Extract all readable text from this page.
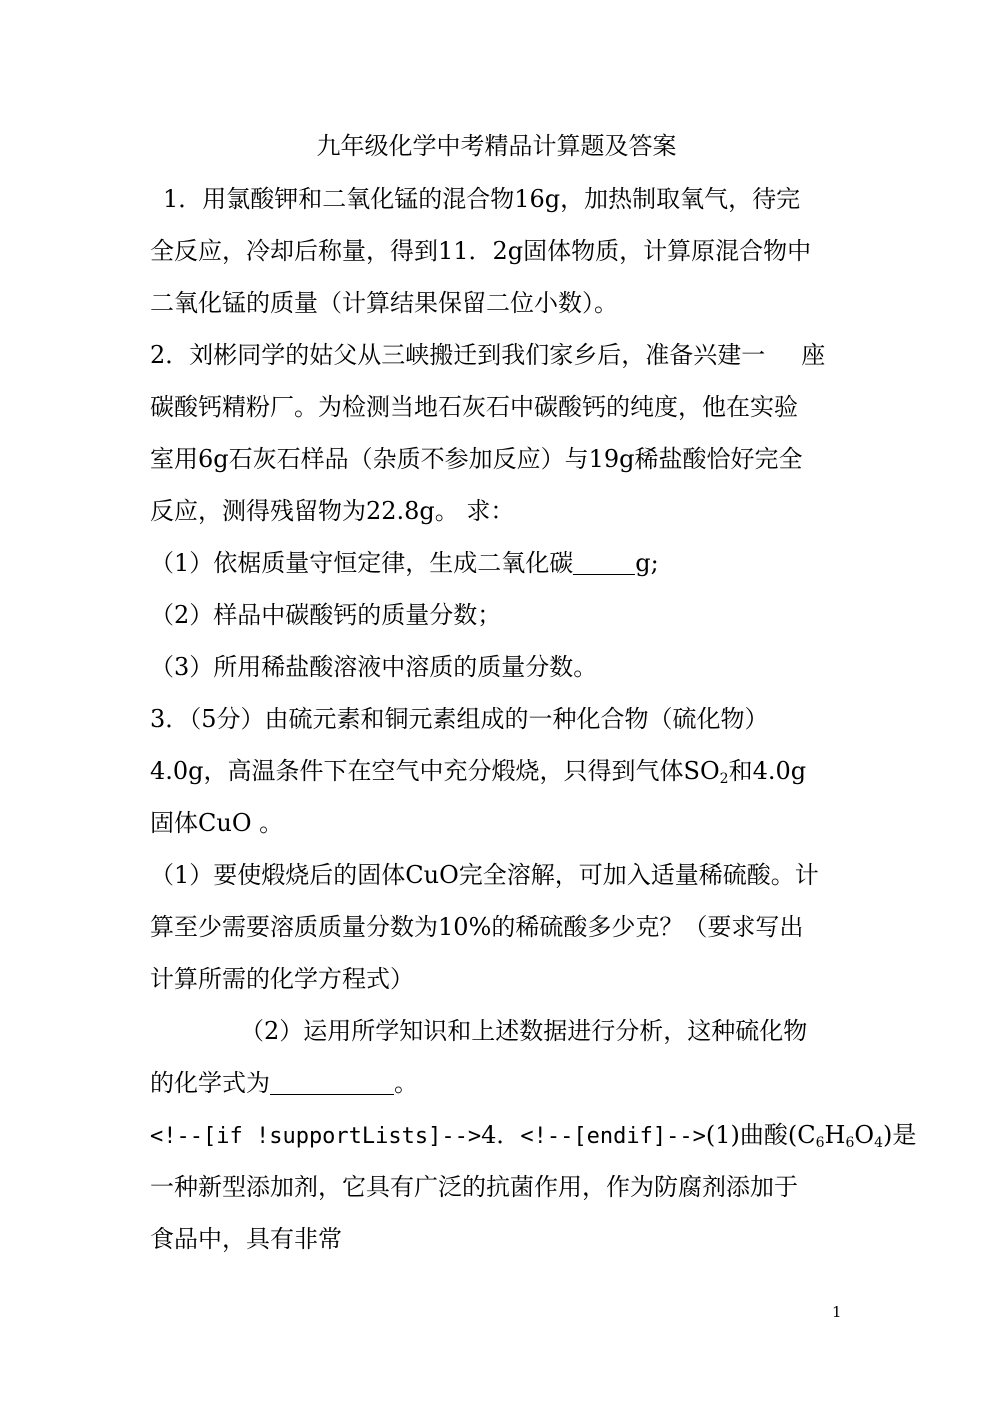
九年级化学中考精品计算题及答案
1．用氯酸钾和二氧化锰的混合物16g，加热制取氧气，待完
全反应，冷却后称量，得到11．2g固体物质，计算原混合物中
二氧化锰的质量（计算结果保留二位小数）。
2．刘彬同学的姑父从三峡搬迁到我们家乡后，准备兴建一 座
碳酸钙精粉厂。为检测当地石灰石中碳酸钙的纯度，他在实验
室用6g石灰石样品（杂质不参加反应）与19g稀盐酸恰好完全
反应，测得残留物为22.8g。 求：
（1）依椐质量守恒定律，生成二氧化碳	g;
（2）样品中碳酸钙的质量分数；
（3）所用稀盐酸溶液中溶质的质量分数。
3．（5分）由硫元素和铜元素组成的一种化合物（硫化物）
4.0g，高温条件下在空气中充分煅烧，只得到气体$SO_2$和4.0g
固体CuO 。
（1）要使煅烧后的固体CuO完全溶解，可加入适量稀硫酸。计
算至少需要溶质质量分数为10%的稀硫酸多少克？（要求写出
计算所需的化学方程式）
（2）运用所学知识和上述数据进行分析，这种硫化物
的化学式为	。
<!--[if !supportLists]-->4．<!--[endif]-->(1)曲酸$(C_6H_6O_4)$是
一种新型添加剂，它具有广泛的抗菌作用，作为防腐剂添加于
食品中，具有非常
1
